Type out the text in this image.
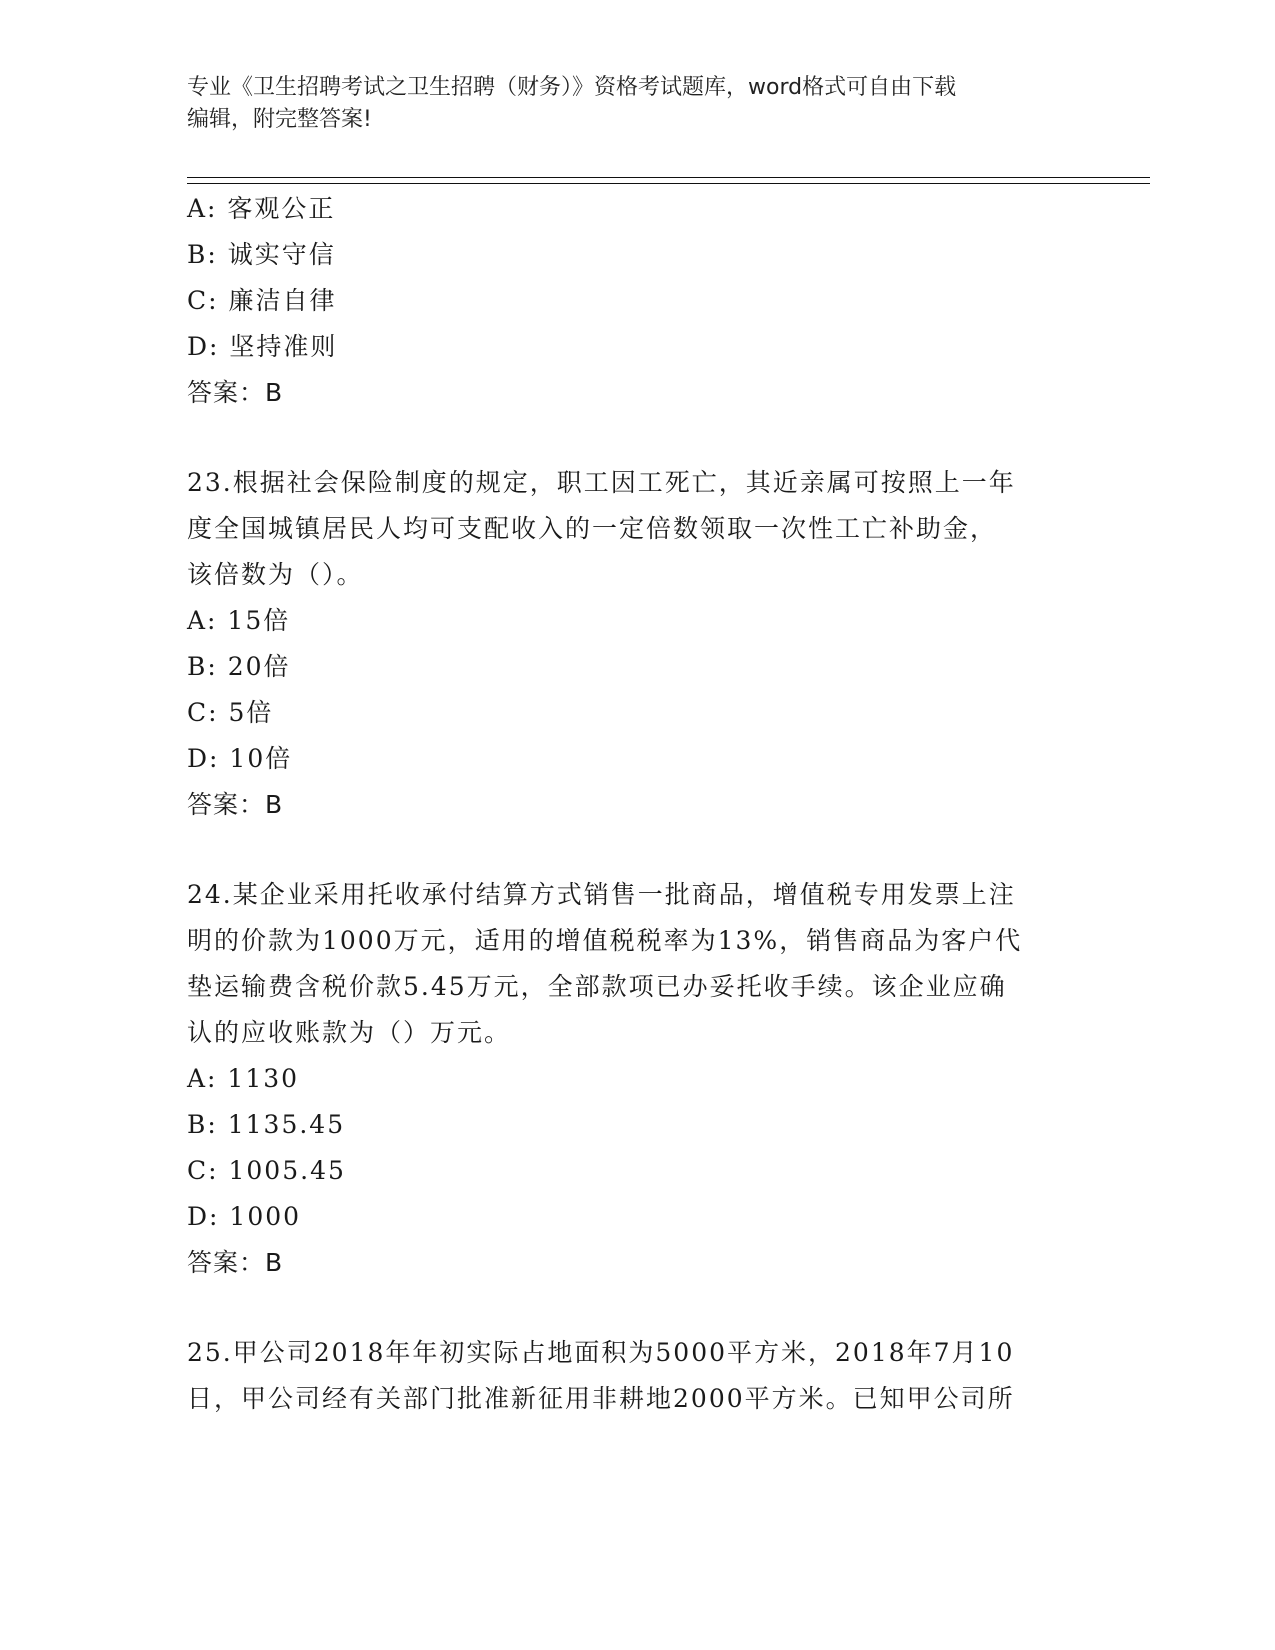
专业《卫生招聘考试之卫生招聘（财务）》资格考试题库，word格式可自由下载
编辑，附完整答案!
A: 客观公正
B: 诚实守信
C: 廉洁自律
D: 坚持准则
答案：B
23.根据社会保险制度的规定，职工因工死亡，其近亲属可按照上一年
度全国城镇居民人均可支配收入的一定倍数领取一次性工亡补助金，
该倍数为（）。
A: 15倍
B: 20倍
C: 5倍
D: 10倍
答案：B
24.某企业采用托收承付结算方式销售一批商品，增值税专用发票上注
明的价款为1000万元，适用的增值税税率为13%，销售商品为客户代
垫运输费含税价款5.45万元，全部款项已办妥托收手续。该企业应确
认的应收账款为（）万元。
A: 1130
B: 1135.45
C: 1005.45
D: 1000
答案：B
25.甲公司2018年年初实际占地面积为5000平方米，2018年7月10
日，甲公司经有关部门批准新征用非耕地2000平方米。已知甲公司所
